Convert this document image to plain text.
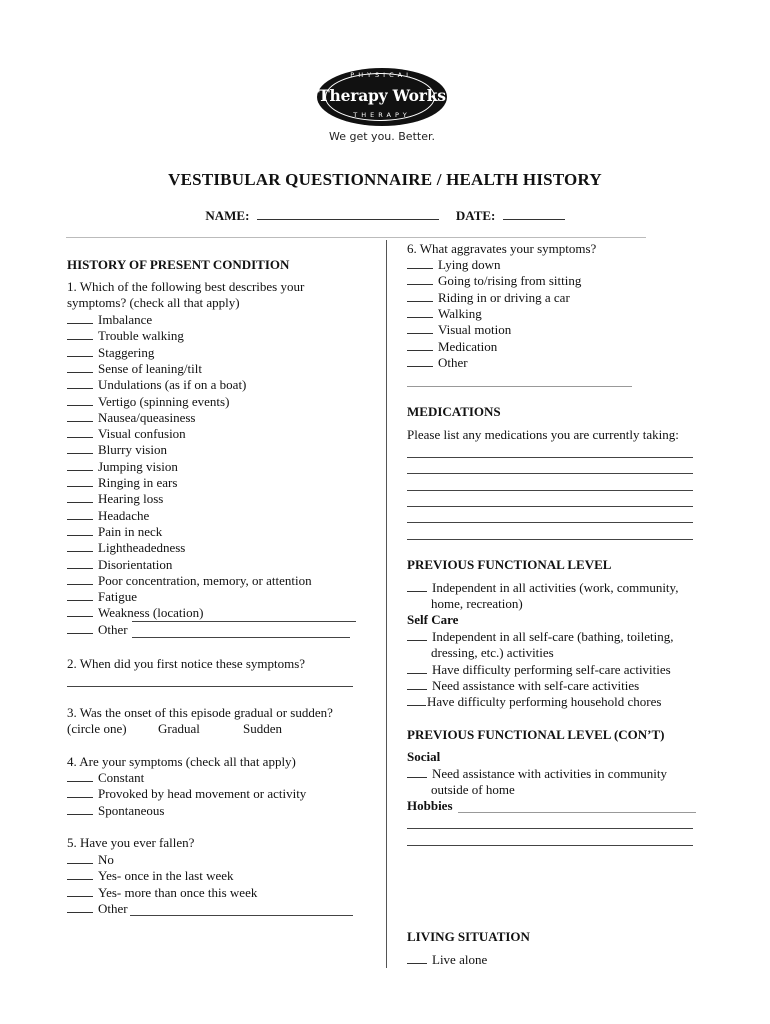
PHYSICAL
Therapy Works
THERAPY
We get you. Better.
VESTIBULAR QUESTIONNAIRE / HEALTH HISTORY
NAME:	DATE:
HISTORY OF PRESENT CONDITION
1. Which of the following best describes your
symptoms? (check all that apply)
Imbalance
Trouble walking
Staggering
Sense of leaning/tilt
Undulations (as if on a boat)
Vertigo (spinning events)
Nausea/queasiness
Visual confusion
Blurry vision
Jumping vision
Ringing in ears
Hearing loss
Headache
Pain in neck
Lightheadedness
Disorientation
Poor concentration, memory, or attention
Fatigue
Weakness (location)
Other
2. When did you first notice these symptoms?
3. Was the onset of this episode gradual or sudden?
(circle one) Gradual	Sudden
4. Are your symptoms (check all that apply)
Constant
Provoked by head movement or activity
Spontaneous
5. Have you ever fallen?
No
Yes- once in the last week
Yes- more than once this week
Other
6. What aggravates your symptoms?
Lying down
Going to/rising from sitting
Riding in or driving a car
Walking
Visual motion
Medication
Other
MEDICATIONS
Please list any medications you are currently taking:
PREVIOUS FUNCTIONAL LEVEL
Independent in all activities (work, community,
home, recreation)
Self Care
Independent in all self-care (bathing, toileting,
dressing, etc.) activities
Have difficulty performing self-care activities
Need assistance with self-care activities
Have difficulty performing household chores
PREVIOUS FUNCTIONAL LEVEL (CON’T)
Social
Need assistance with activities in community
outside of home
Hobbies
LIVING SITUATION
Live alone
